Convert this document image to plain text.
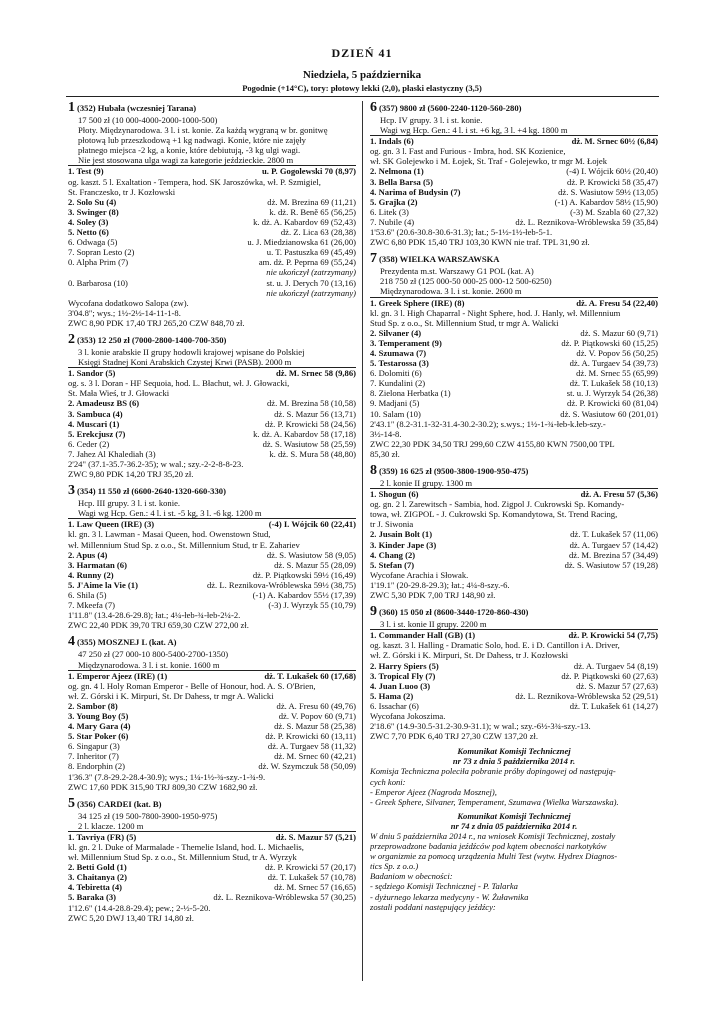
DZIEŃ 41
Niedziela, 5 października
Pogodnie (+14°C), tory: płotowy lekki (2,0), płaski elastyczny (3,5)
1 (352) Hubała (wczesniej Tarana)
17 500 zł (10 000-4000-2000-1000-500)
Płoty. Międzynarodowa. 3 l. i st. konie. Za każdą wygraną w br. gonitwę
płotową lub przeszkodową +1 kg nadwagi. Konie, które nie zajęły
płatnego miejsca -2 kg, a konie, które debiutują, -3 kg ulgi wagi.
Nie jest stosowana ulga wagi za kategorie jeździeckie. 2800 m
1. Test (9)	u. P. Gogolewski 70 (8,97)
og. kaszt. 5 l. Exaltation - Tempera, hod. SK Jaroszówka, wł. P. Szmigiel,
St. Franczesko, tr J. Kozłowski
2. Solo Su (4)	dż. M. Brezina 69 (11,21)
3. Swinger (8)	k. dż. R. Beně 65 (56,25)
4. Soley (3)	k. dż. A. Kabardov 69 (52,43)
5. Netto (6)	dż. Z. Lica 63 (28,38)
6. Odwaga (5)	u. J. Miedzianowska 61 (26,00)
7. Sopran Lesto (2)	u. T. Pastuszka 69 (45,49)
0. Alpha Prim (7)	am. dż. P. Peprna 69 (55,24)
nie ukończył (zatrzymany)
0. Barbarosa (10)	st. u. J. Derych 70 (13,16)
nie ukończył (zatrzymany)
Wycofana dodatkowo Salopa (zw).
3'04.8"; wys.; 1½-2½-14-11-1-8.
ZWC 8,90 PDK 17,40 TRJ 265,20 CZW 848,70 zł.
2 (353) 12 250 zł (7000-2800-1400-700-350)
3 l. konie arabskie II grupy hodowli krajowej wpisane do Polskiej
Księgi Stadnej Koni Arabskich Czystej Krwi (PASB). 2000 m
1. Sandor (5)	dż. M. Srnec 58 (9,86)
og. s. 3 l. Doran - HF Sequoia, hod. L. Błachut, wł. J. Głowacki,
St. Mała Wieś, tr J. Głowacki
2. Amadeusz BS (6)	dż. M. Brezina 58 (10,58)
3. Sambuca (4)	dż. S. Mazur 56 (13,71)
4. Muscari (1)	dż. P. Krowicki 58 (24,56)
5. Erekcjusz (7)	k. dż. A. Kabardov 58 (17,18)
6. Ceder (2)	dż. S. Wasiutow 58 (25,59)
7. Jahez Al Khalediah (3)	k. dż. S. Mura 58 (48,80)
2'24" (37.1-35.7-36.2-35); w wal.; szy.-2-2-8-8-23.
ZWC 9,80 PDK 14,20 TRJ 35,20 zł.
3 (354) 11 550 zł (6600-2640-1320-660-330)
Hcp. III grupy. 3 l. i st. konie.
Wagi wg Hcp. Gen.: 4 l. i st. -5 kg, 3 l. -6 kg. 1200 m
1. Law Queen (IRE) (3)	(-4) I. Wójcik 60 (22,41)
kl. gn. 3 l. Lawman - Masai Queen, hod. Owenstown Stud,
wł. Millennium Stud Sp. z o.o., St. Millennium Stud, tr E. Zahariev
2. Apus (4)	dż. S. Wasiutow 58 (9,05)
3. Harmatan (6)	dż. S. Mazur 55 (28,09)
4. Runny (2)	dż. P. Piątkowski 59½ (16,49)
5. J'Aime la Vie (1)	dż. L. Reznikova-Wróblewska 59½ (38,75)
6. Shila (5)	(-1) A. Kabardov 55½ (17,39)
7. Mkeefa (7)	(-3) J. Wyrzyk 55 (10,79)
1'11.8" (13.4-28.6-29.8); łat.; 4¼-łeb-¾-łeb-2¼-2.
ZWC 22,40 PDK 39,70 TRJ 659,30 CZW 272,00 zł.
4 (355) MOSZNEJ L (kat. A)
47 250 zł (27 000-10 800-5400-2700-1350)
Międzynarodowa. 3 l. i st. konie. 1600 m
1. Emperor Ajeez (IRE) (1)	dż. T. Lukašek 60 (17,68)
og. gn. 4 l. Holy Roman Emperor - Belle of Honour, hod. A. S. O'Brien,
wł. Z. Górski i K. Mirpuri, St. Dr Dahess, tr mgr A. Walicki
2. Sambor (8)	dż. A. Fresu 60 (49,76)
3. Young Boy (5)	dż. V. Popov 60 (9,71)
4. Mary Gara (4)	dż. S. Mazur 58 (25,38)
5. Star Poker (6)	dż. P. Krowicki 60 (13,11)
6. Singapur (3)	dż. A. Turgaev 58 (11,32)
7. Inheritor (7)	dż. M. Srnec 60 (42,21)
8. Endorphin (2)	dż. W. Szymczuk 58 (50,09)
1'36.3" (7.8-29.2-28.4-30.9); wys.; 1¼-1½-¾-szy.-1-¾-9.
ZWC 17,60 PDK 315,90 TRJ 809,30 CZW 1682,90 zł.
5 (356) CARDEI (kat. B)
34 125 zł (19 500-7800-3900-1950-975)
2 l. klacze. 1200 m
1. Tavriya (FR) (5)	dż. S. Mazur 57 (5,21)
kl. gn. 2 l. Duke of Marmalade - Themelie Island, hod. L. Michaelis,
wł. Millennium Stud Sp. z o.o., St. Millennium Stud, tr A. Wyrzyk
2. Betti Gold (1)	dż. P. Krowicki 57 (20,17)
3. Chaitanya (2)	dż. T. Lukašek 57 (10,78)
4. Tebiretta (4)	dż. M. Srnec 57 (16,65)
5. Baraka (3)	dż. L. Reznikova-Wróblewska 57 (30,25)
1'12.6" (14.4-28.8-29.4); pew.; 2-½-5-20.
ZWC 5,20 DWJ 13,40 TRJ 14,80 zł.
6 (357) 9800 zł (5600-2240-1120-560-280)
Hcp. IV grupy. 3 l. i st. konie.
Wagi wg Hcp. Gen.: 4 l. i st. +6 kg, 3 l. +4 kg. 1800 m
1. Indals (6)	dż. M. Srnec 60½ (6,84)
og. gn. 3 l. Fast and Furious - Imbra, hod. SK Kozienice,
wł. SK Golejewko i M. Łojek, St. Traf - Golejewko, tr mgr M. Łojek
2. Nelmona (1)	(-4) I. Wójcik 60½ (20,40)
3. Bella Barsa (5)	dż. P. Krowicki 58 (35,47)
4. Narima of Budysin (7)	dż. S. Wasiutow 59½ (13,05)
5. Grajka (2)	(-1) A. Kabardov 58½ (15,90)
6. Litek (3)	(-3) M. Szabla 60 (27,32)
7. Nubile (4)	dż. L. Reznikova-Wróblewska 59 (35,84)
1'53.6" (20.6-30.8-30.6-31.3); łat.; 5-1½-1½-łeb-5-1.
ZWC 6,80 PDK 15,40 TRJ 103,30 KWN nie traf. TPL 31,90 zł.
7 (358) WIELKA WARSZAWSKA
Prezydenta m.st. Warszawy G1 POL (kat. A)
218 750 zł (125 000-50 000-25 000-12 500-6250)
Międzynarodowa. 3 l. i st. konie. 2600 m
1. Greek Sphere (IRE) (8)	dż. A. Fresu 54 (22,40)
kl. gn. 3 l. High Chaparral - Night Sphere, hod. J. Hanly, wł. Millennium
Stud Sp. z o.o., St. Millennium Stud, tr mgr A. Walicki
2. Silvaner (4)	dż. S. Mazur 60 (9,71)
3. Temperament (9)	dż. P. Piątkowski 60 (15,25)
4. Szumawa (7)	dż. V. Popov 56 (50,25)
5. Testarossa (3)	dż. A. Turgaev 54 (39,73)
6. Dolomiti (6)	dż. M. Srnec 55 (65,99)
7. Kundalini (2)	dż. T. Lukašek 58 (10,13)
8. Zielona Herbatka (1)	st. u. J. Wyrzyk 54 (26,38)
9. Madjani (5)	dż. P. Krowicki 60 (81,04)
10. Salam (10)	dż. S. Wasiutow 60 (201,01)
2'43.1" (8.2-31.1-32-31.4-30.2-30.2); s.wys.; 1½-1-¾-łeb-k.łeb-szy.-
3½-14-8.
ZWC 22,30 PDK 34,50 TRJ 299,60 CZW 4155,80 KWN 7500,00 TPL
85,30 zł.
8 (359) 16 625 zł (9500-3800-1900-950-475)
2 l. konie II grupy. 1300 m
1. Shogun (6)	dż. A. Fresu 57 (5,36)
og. gn. 2 l. Zarewitsch - Sambia, hod. Zigpol J. Cukrowski Sp. Komandy-
towa, wł. ZIGPOL - J. Cukrowski Sp. Komandytowa, St. Trend Racing,
tr J. Siwonia
2. Jusain Bolt (1)	dż. T. Lukašek 57 (11,06)
3. Kinder Jape (3)	dż. A. Turgaev 57 (14,42)
4. Chang (2)	dż. M. Brezina 57 (34,49)
5. Stefan (7)	dż. S. Wasiutow 57 (19,28)
Wycofane Arachia i Słowak.
1'19.1" (20-29.8-29.3); łat.; 4¼-8-szy.-6.
ZWC 5,30 PDK 7,00 TRJ 148,90 zł.
9 (360) 15 050 zł (8600-3440-1720-860-430)
3 l. i st. konie II grupy. 2200 m
1. Commander Hall (GB) (1)	dż. P. Krowicki 54 (7,75)
og. kaszt. 3 l. Halling - Dramatic Solo, hod. E. i D. Cantillon i A. Driver,
wł. Z. Górski i K. Mirpuri, St. Dr Dahess, tr J. Kozłowski
2. Harry Spiers (5)	dż. A. Turgaev 54 (8,19)
3. Tropical Fly (7)	dż. P. Piątkowski 60 (27,63)
4. Juan Luoo (3)	dż. S. Mazur 57 (27,63)
5. Hama (2)	dż. L. Reznikova-Wróblewska 52 (29,51)
6. Issachar (6)	dż. T. Lukašek 61 (14,27)
Wycofana Jokoszima.
2'18.6" (14.9-30.5-31.2-30.9-31.1); w wal.; szy.-6½-3¾-szy.-13.
ZWC 7,70 PDK 6,40 TRJ 27,30 CZW 137,20 zł.
Komunikat Komisji Technicznej
nr 73 z dnia 5 października 2014 r.
Komisja Techniczna poleciła pobranie próby dopingowej od następują-
cych koni:
- Emperor Ajeez (Nagroda Mosznej),
- Greek Sphere, Silvaner, Temperament, Szumawa (Wielka Warszawska).
Komunikat Komisji Technicznej
nr 74 z dnia 05 października 2014 r.
W dniu 5 października 2014 r., na wniosek Komisji Technicznej, zostały
przeprowadzone badania jeźdźców pod kątem obecności narkotyków
w organizmie za pomocą urządzenia Multi Test (wytw. Hydrex Diagnos-
tics Sp. z o.o.)
Badaniom w obecności:
- sędziego Komisji Technicznej - P. Talarka
- dyżurnego lekarza medycyny - W. Żuławnika
zostali poddani następujący jeźdźcy:
